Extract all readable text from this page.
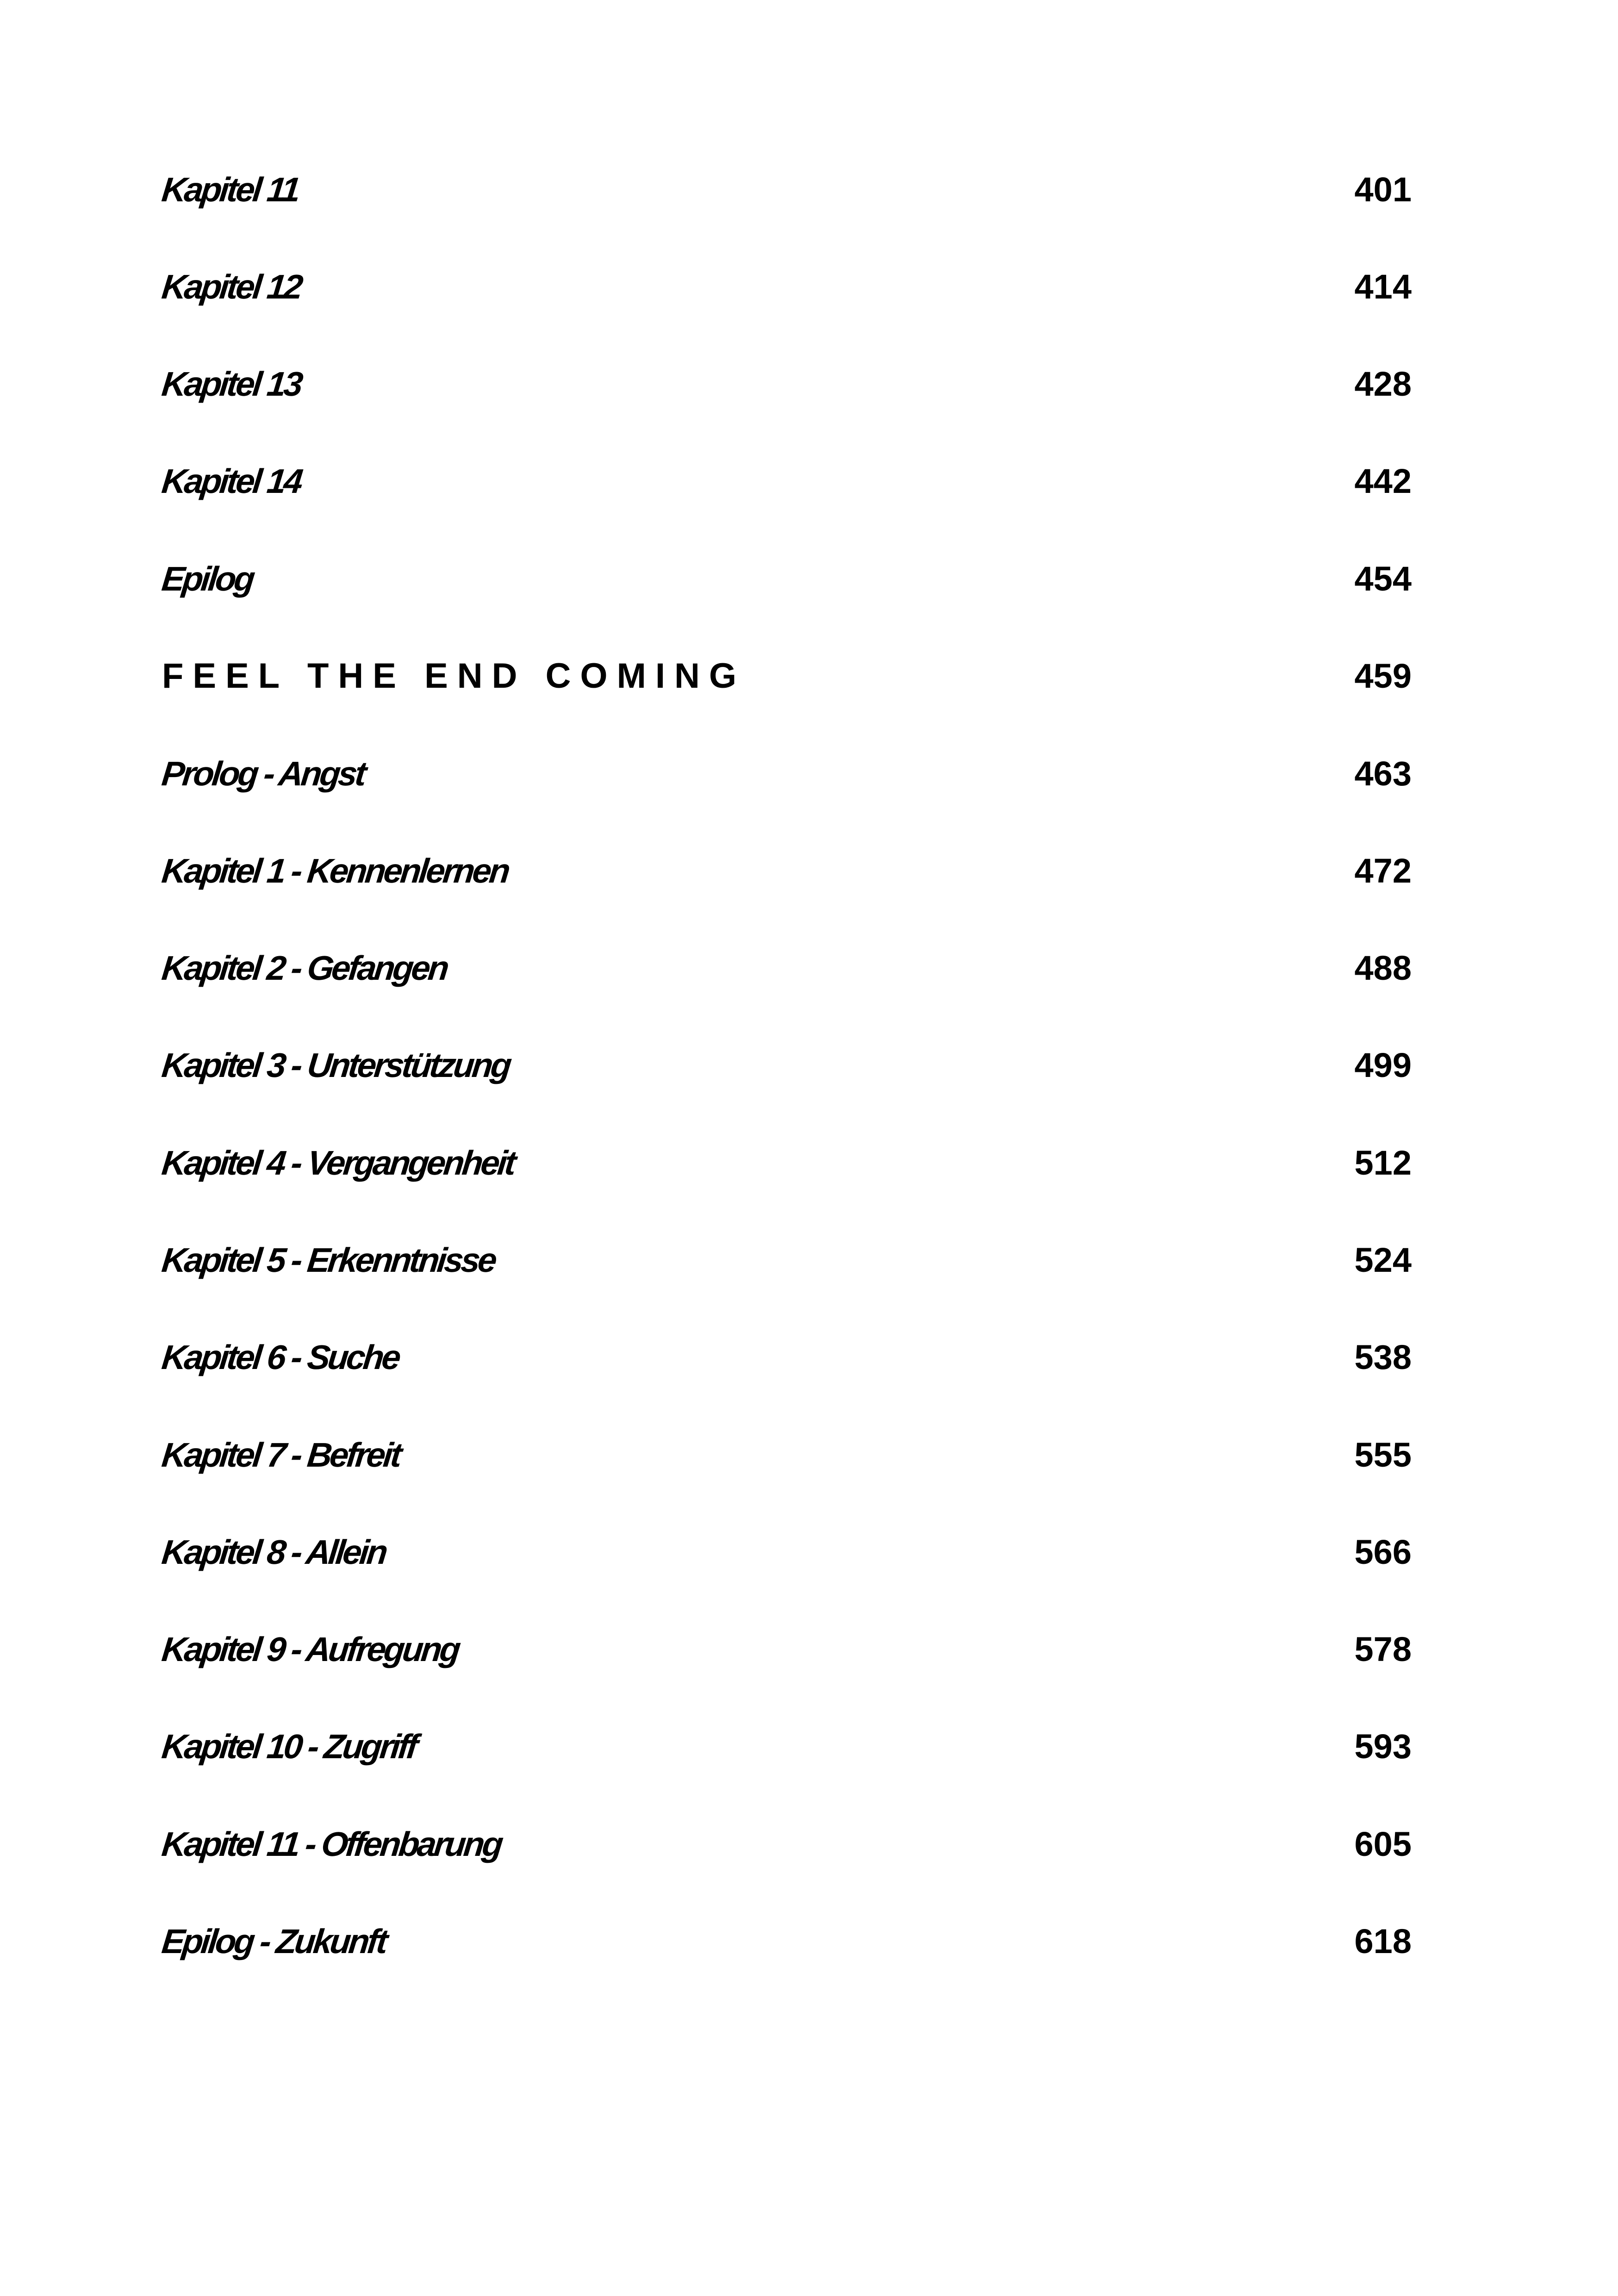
Kapitel 11	401
Kapitel 12	414
Kapitel 13	428
Kapitel 14	442
Epilog	454
FEEL THE END COMING	459
Prolog - Angst	463
Kapitel 1 - Kennenlernen	472
Kapitel 2 - Gefangen	488
Kapitel 3 - Unterstützung	499
Kapitel 4 - Vergangenheit	512
Kapitel 5 - Erkenntnisse	524
Kapitel 6 - Suche	538
Kapitel 7 - Befreit	555
Kapitel 8 - Allein	566
Kapitel 9 - Aufregung	578
Kapitel 10 - Zugriff	593
Kapitel 11 - Offenbarung	605
Epilog - Zukunft	618
